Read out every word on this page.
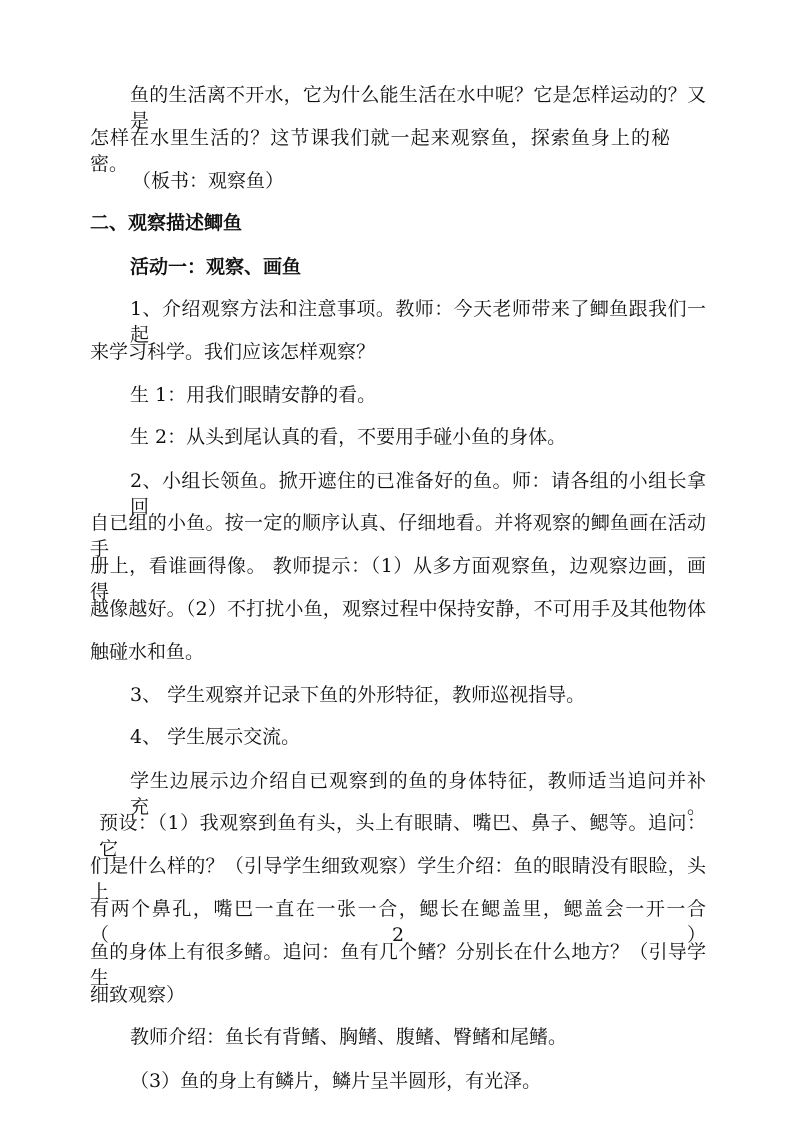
鱼的生活离不开水，它为什么能生活在水中呢？它是怎样运动的？又是
怎样在水里生活的？这节课我们就一起来观察鱼，探索鱼身上的秘密。
（板书：观察鱼）
二、观察描述鲫鱼
活动一：观察、画鱼
1、介绍观察方法和注意事项。教师：今天老师带来了鲫鱼跟我们一起
来学习科学。我们应该怎样观察？
生 1：用我们眼睛安静的看。
生 2：从头到尾认真的看，不要用手碰小鱼的身体。
2、小组长领鱼。掀开遮住的已准备好的鱼。师：请各组的小组长拿回
自已组的小鱼。按一定的顺序认真、仔细地看。并将观察的鲫鱼画在活动手
册上，看谁画得像。 教师提示：（1）从多方面观察鱼，边观察边画，画得
越像越好。（2）不打扰小鱼，观察过程中保持安静，不可用手及其他物体
触碰水和鱼。
3、 学生观察并记录下鱼的外形特征，教师巡视指导。
4、 学生展示交流。
学生边展示边介绍自已观察到的鱼的身体特征，教师适当追问并补充。
预设：（1）我观察到鱼有头，头上有眼睛、嘴巴、鼻子、鳃等。追问：它
们是什么样的？（引导学生细致观察）学生介绍：鱼的眼睛没有眼睑，头上
有两个鼻孔，嘴巴一直在一张一合，鳃长在鳃盖里，鳃盖会一开一合 （2）
鱼的身体上有很多鳍。追问：鱼有几个鳍？分别长在什么地方？（引导学生
细致观察）
教师介绍：鱼长有背鳍、胸鳍、腹鳍、臀鳍和尾鳍。
（3）鱼的身上有鳞片，鳞片呈半圆形，有光泽。
